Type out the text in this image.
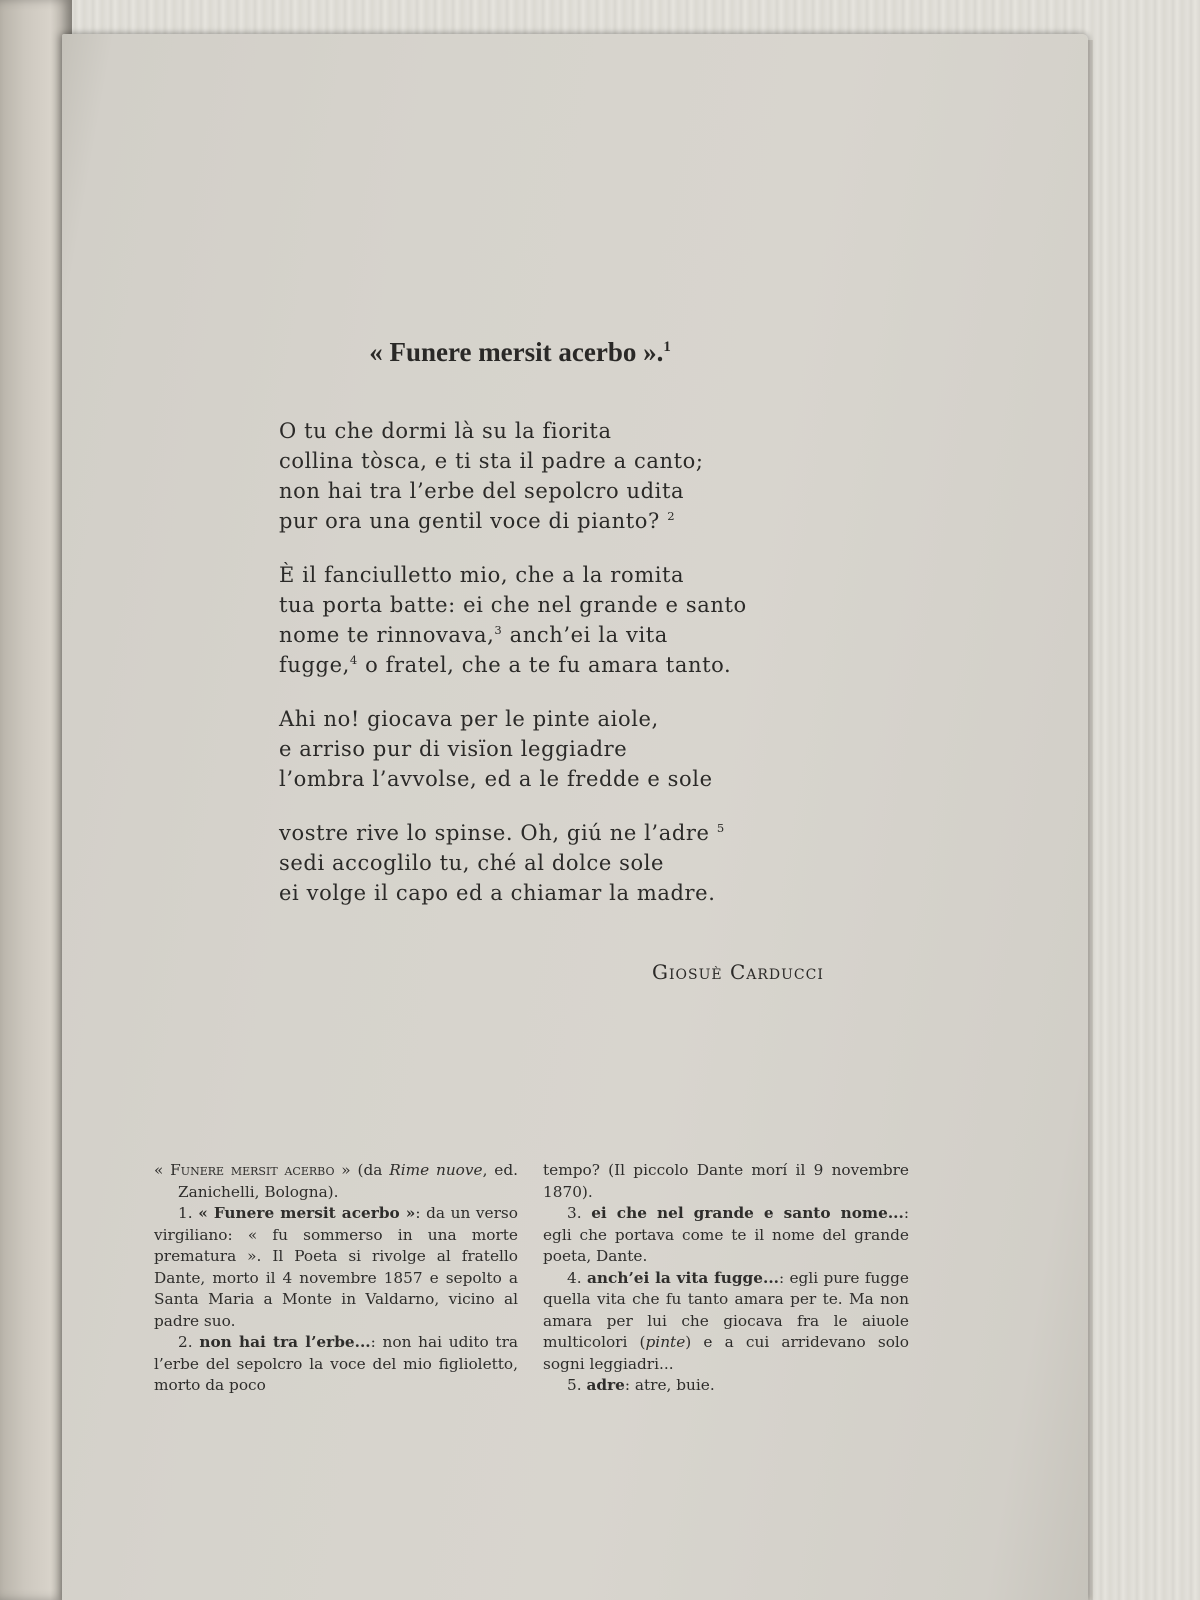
« Funere mersit acerbo ».$^1$
O tu che dormi là su la fiorita
collina tòsca, e ti sta il padre a canto;
non hai tra l’erbe del sepolcro udita
pur ora una gentil voce di pianto? $^2$
È il fanciulletto mio, che a la romita
tua porta batte: ei che nel grande e santo
nome te rinnovava,$^3$ anch’ei la vita
fugge,$^4$ o fratel, che a te fu amara tanto.
Ahi no! giocava per le pinte aiole,
e arriso pur di visïon leggiadre
l’ombra l’avvolse, ed a le fredde e sole
vostre rive lo spinse. Oh, giú ne l’adre $^5$
sedi accoglilo tu, ché al dolce sole
ei volge il capo ed a chiamar la madre.
Giosuè Carducci

« Funere mersit acerbo » (da Rime nuove, ed. Zanichelli, Bologna).

1. « Funere mersit acerbo »: da un verso virgiliano: « fu sommerso in una morte prematura ». Il Poeta si rivolge al fratello Dante, morto il 4 novembre 1857 e sepolto a Santa Maria a Monte in Valdarno, vicino al padre suo.

2. non hai tra l’erbe...: non hai udito tra l’erbe del sepolcro la voce del mio figlioletto, morto da poco

tempo? (Il piccolo Dante morí il 9 novembre 1870).

3. ei che nel grande e santo nome...: egli che portava come te il nome del grande poeta, Dante.

4. anch’ei la vita fugge...: egli pure fugge quella vita che fu tanto amara per te. Ma non amara per lui che giocava fra le aiuole multicolori (pinte) e a cui arridevano solo sogni leggiadri...

5. adre: atre, buie.
